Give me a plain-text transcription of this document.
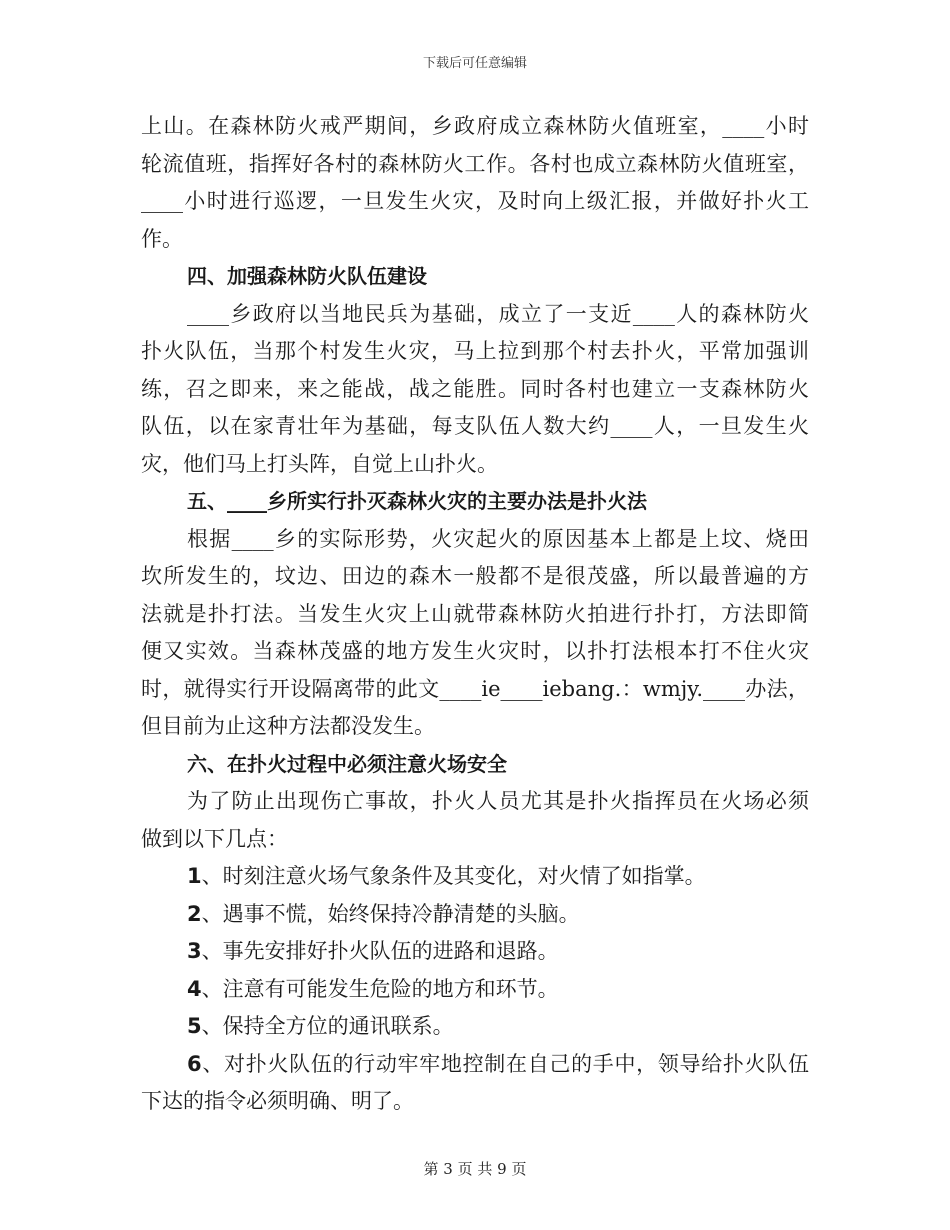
下载后可任意编辑
上山。在森林防火戒严期间，乡政府成立森林防火值班室，____小时
轮流值班，指挥好各村的森林防火工作。各村也成立森林防火值班室，
____小时进行巡逻，一旦发生火灾，及时向上级汇报，并做好扑火工
作。
四、加强森林防火队伍建设
____乡政府以当地民兵为基础，成立了一支近____人的森林防火
扑火队伍，当那个村发生火灾，马上拉到那个村去扑火，平常加强训
练，召之即来，来之能战，战之能胜。同时各村也建立一支森林防火
队伍，以在家青壮年为基础，每支队伍人数大约____人，一旦发生火
灾，他们马上打头阵，自觉上山扑火。
五、____乡所实行扑灭森林火灾的主要办法是扑火法
根据____乡的实际形势，火灾起火的原因基本上都是上坟、烧田
坎所发生的，坟边、田边的森木一般都不是很茂盛，所以最普遍的方
法就是扑打法。当发生火灾上山就带森林防火拍进行扑打，方法即简
便又实效。当森林茂盛的地方发生火灾时，以扑打法根本打不住火灾
时，就得实行开设隔离带的此文____ie____iebang.：wmjy.____办法，
但目前为止这种方法都没发生。
六、在扑火过程中必须注意火场安全
为了防止出现伤亡事故，扑火人员尤其是扑火指挥员在火场必须
做到以下几点：
1、时刻注意火场气象条件及其变化，对火情了如指掌。
2、遇事不慌，始终保持冷静清楚的头脑。
3、事先安排好扑火队伍的进路和退路。
4、注意有可能发生危险的地方和环节。
5、保持全方位的通讯联系。
6、对扑火队伍的行动牢牢地控制在自己的手中，领导给扑火队伍
下达的指令必须明确、明了。
第 3 页 共 9 页
